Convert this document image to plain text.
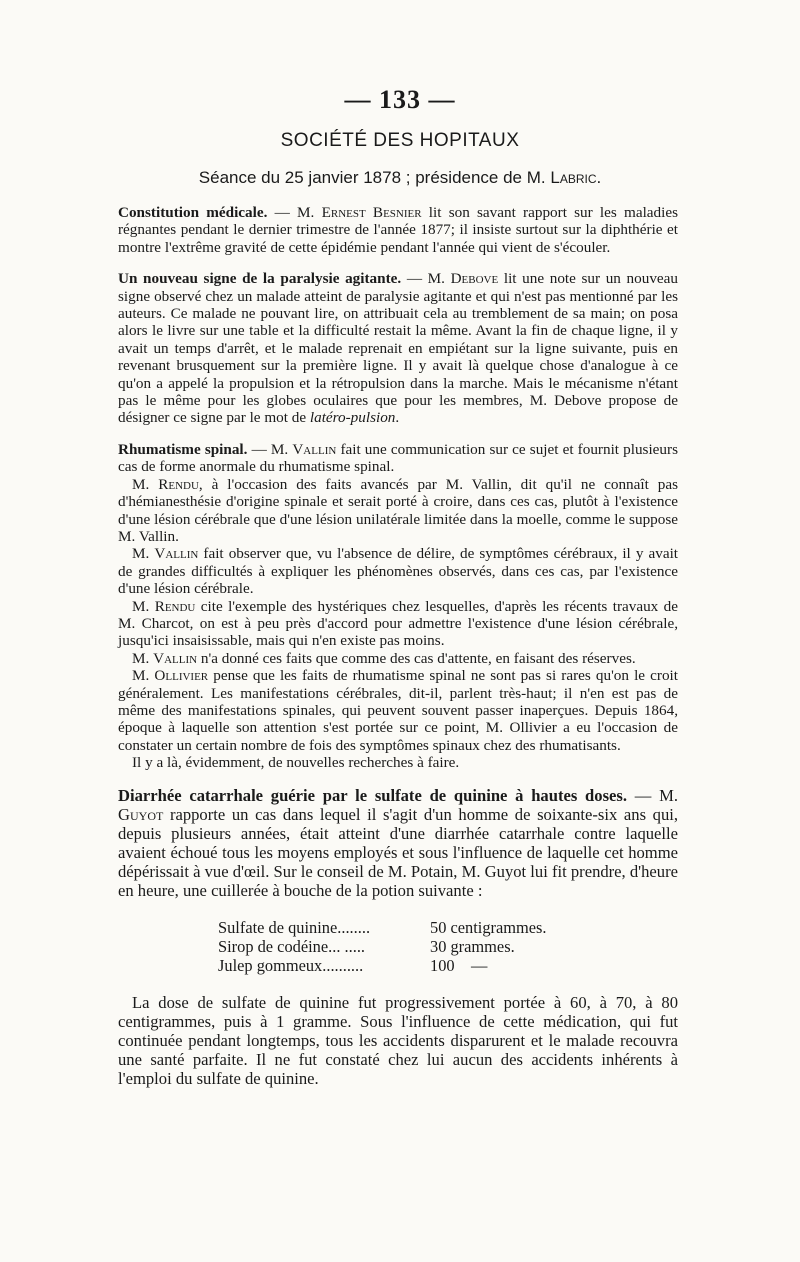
— 133 —
SOCIÉTÉ DES HOPITAUX
Séance du 25 janvier 1878 ; présidence de M. Labric.

Constitution médicale. — M. Ernest Besnier lit son savant rapport sur les maladies régnantes pendant le dernier trimestre de l'année 1877; il insiste surtout sur la diphthérie et montre l'extrême gravité de cette épidémie pendant l'année qui vient de s'écouler.

Un nouveau signe de la paralysie agitante. — M. Debove lit une note sur un nouveau signe observé chez un malade atteint de paralysie agitante et qui n'est pas mentionné par les auteurs. Ce malade ne pouvant lire, on attribuait cela au tremblement de sa main; on posa alors le livre sur une table et la difficulté restait la même. Avant la fin de chaque ligne, il y avait un temps d'arrêt, et le malade reprenait en empiétant sur la ligne suivante, puis en revenant brusquement sur la première ligne. Il y avait là quelque chose d'analogue à ce qu'on a appelé la propulsion et la rétropulsion dans la marche. Mais le mécanisme n'étant pas le même pour les globes oculaires que pour les membres, M. Debove propose de désigner ce signe par le mot de latéro-pulsion.

Rhumatisme spinal. — M. Vallin fait une communication sur ce sujet et fournit plusieurs cas de forme anormale du rhumatisme spinal.

M. Rendu, à l'occasion des faits avancés par M. Vallin, dit qu'il ne connaît pas d'hémianesthésie d'origine spinale et serait porté à croire, dans ces cas, plutôt à l'existence d'une lésion cérébrale que d'une lésion unilatérale limitée dans la moelle, comme le suppose M. Vallin.

M. Vallin fait observer que, vu l'absence de délire, de symptômes cérébraux, il y avait de grandes difficultés à expliquer les phénomènes observés, dans ces cas, par l'existence d'une lésion cérébrale.

M. Rendu cite l'exemple des hystériques chez lesquelles, d'après les récents travaux de M. Charcot, on est à peu près d'accord pour admettre l'existence d'une lésion cérébrale, jusqu'ici insaisissable, mais qui n'en existe pas moins.

M. Vallin n'a donné ces faits que comme des cas d'attente, en faisant des réserves.

M. Ollivier pense que les faits de rhumatisme spinal ne sont pas si rares qu'on le croit généralement. Les manifestations cérébrales, dit-il, parlent très-haut; il n'en est pas de même des manifestations spinales, qui peuvent souvent passer inaperçues. Depuis 1864, époque à laquelle son attention s'est portée sur ce point, M. Ollivier a eu l'occasion de constater un certain nombre de fois des symptômes spinaux chez des rhumatisants.

Il y a là, évidemment, de nouvelles recherches à faire.

Diarrhée catarrhale guérie par le sulfate de quinine à hautes doses. — M. Guyot rapporte un cas dans lequel il s'agit d'un homme de soixante-six ans qui, depuis plusieurs années, était atteint d'une diarrhée catarrhale contre laquelle avaient échoué tous les moyens employés et sous l'influence de laquelle cet homme dépérissait à vue d'œil. Sur le conseil de M. Potain, M. Guyot lui fit prendre, d'heure en heure, une cuillerée à bouche de la potion suivante :

Sulfate de quinine........	50 centigrammes.
Sirop de codéine... .....	30 grammes.
Julep gommeux..........	100    —

La dose de sulfate de quinine fut progressivement portée à 60, à 70, à 80 centigrammes, puis à 1 gramme. Sous l'influence de cette médication, qui fut continuée pendant longtemps, tous les accidents disparurent et le malade recouvra une santé parfaite. Il ne fut constaté chez lui aucun des accidents inhérents à l'emploi du sulfate de quinine.
